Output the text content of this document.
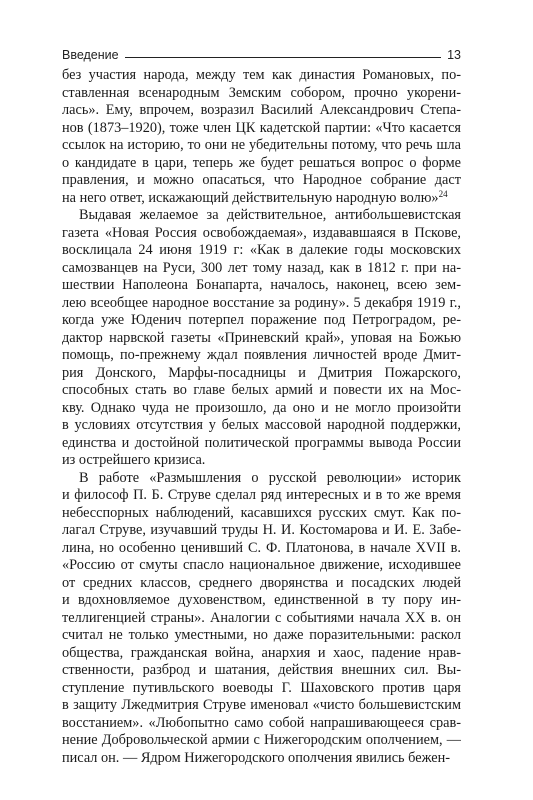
Введение	13
без участия народа, между тем как династия Романовых, по-
ставленная всенародным Земским собором, прочно укорени-
лась». Ему, впрочем, возразил Василий Александрович Степа-
нов (1873–1920), тоже член ЦК кадетской партии: «Что касается
ссылок на историю, то они не убедительны потому, что речь шла
о кандидате в цари, теперь же будет решаться вопрос о форме
правления, и можно опасаться, что Народное собрание даст
на него ответ, искажающий действительную народную волю»$^{24}$
Выдавая желаемое за действительное, антибольшевистская
газета «Новая Россия освобождаемая», издававшаяся в Пскове,
восклицала 24 июня 1919 г: «Как в далекие годы московских
самозванцев на Руси, 300 лет тому назад, как в 1812 г. при на-
шествии Наполеона Бонапарта, началось, наконец, всею зем-
лею всеобщее народное восстание за родину». 5 декабря 1919 г.,
когда уже Юденич потерпел поражение под Петроградом, ре-
дактор нарвской газеты «Приневский край», уповая на Божью
помощь, по-прежнему ждал появления личностей вроде Дмит-
рия Донского, Марфы-посадницы и Дмитрия Пожарского,
способных стать во главе белых армий и повести их на Мос-
кву. Однако чуда не произошло, да оно и не могло произойти
в условиях отсутствия у белых массовой народной поддержки,
единства и достойной политической программы вывода России
из острейшего кризиса.
В работе «Размышления о русской революции» историк
и философ П. Б. Струве сделал ряд интересных и в то же время
небесспорных наблюдений, касавшихся русских смут. Как по-
лагал Струве, изучавший труды Н. И. Костомарова и И. Е. Забе-
лина, но особенно ценивший С. Ф. Платонова, в начале XVII в.
«Россию от смуты спасло национальное движение, исходившее
от средних классов, среднего дворянства и посадских людей
и вдохновляемое духовенством, единственной в ту пору ин-
теллигенцией страны». Аналогии с событиями начала XX в. он
считал не только уместными, но даже поразительными: раскол
общества, гражданская война, анархия и хаос, падение нрав-
ственности, разброд и шатания, действия внешних сил. Вы-
ступление путивльского воеводы Г. Шаховского против царя
в защиту Лжедмитрия Струве именовал «чисто большевистским
восстанием». «Любопытно само собой напрашивающееся срав-
нение Добровольческой армии с Нижегородским ополчением, —
писал он. — Ядром Нижегородского ополчения явились бежен-
